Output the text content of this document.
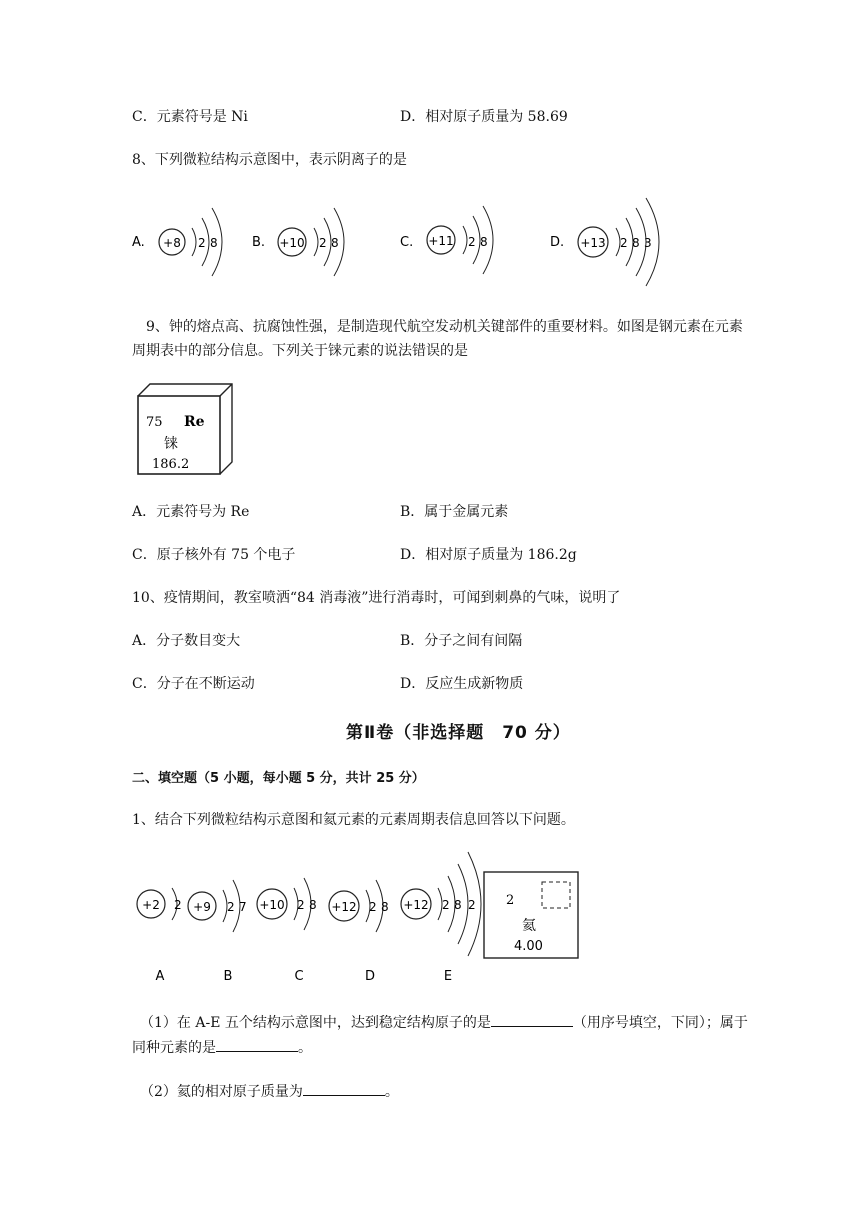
C．元素符号是 Ni	D．相对原子质量为 58.69
8、下列微粒结构示意图中，表示阴离子的是
A. +8 2 8	B. +10 2 8	C. +11 2 8	D. +13 2 8 3
9、钟的熔点高、抗腐蚀性强，是制造现代航空发动机关键部件的重要材料。如图是钢元素在元素
周期表中的部分信息。下列关于铼元素的说法错误的是
75 Re
铼
186.2
A．元素符号为 Re	B．属于金属元素
C．原子核外有 75 个电子	D．相对原子质量为 186.2g
10、疫情期间，教室喷洒“84 消毒液”进行消毒时，可闻到刺鼻的气味，说明了
A．分子数目变大	B．分子之间有间隔
C．分子在不断运动	D．反应生成新物质
第Ⅱ卷（非选择题　70 分）
二、填空题（5 小题，每小题 5 分，共计 25 分）
1、结合下列微粒结构示意图和氦元素的元素周期表信息回答以下问题。
+2 2
A
+9 2 7
B
+10 2 8
C
+12 2 8
D
+12 2 8 2
E
2
氦
4.00
（1）在 A-E 五个结构示意图中，达到稳定结构原子的是	（用序号填空，下同）；属于
同种元素的是	。
（2）氦的相对原子质量为	。
